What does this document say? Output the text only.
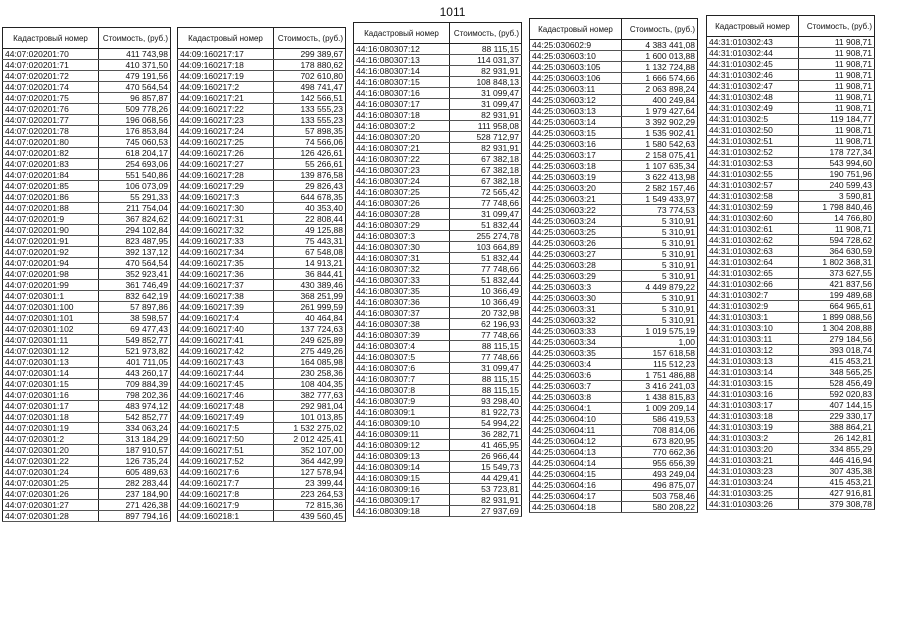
1011
Кадастровый номер	Стоимость, (руб.)
44:07:020201:70	411 743,98
44:07:020201:71	410 371,50
44:07:020201:72	479 191,56
44:07:020201:74	470 564,54
44:07:020201:75	96 857,87
44:07:020201:76	509 778,26
44:07:020201:77	196 068,56
44:07:020201:78	176 853,84
44:07:020201:80	745 060,53
44:07:020201:82	618 204,17
44:07:020201:83	254 693,06
44:07:020201:84	551 540,86
44:07:020201:85	106 073,09
44:07:020201:86	55 291,33
44:07:020201:88	211 754,04
44:07:020201:9	367 824,62
44:07:020201:90	294 102,84
44:07:020201:91	823 487,95
44:07:020201:92	392 137,12
44:07:020201:94	470 564,54
44:07:020201:98	352 923,41
44:07:020201:99	361 746,49
44:07:020301:1	832 642,19
44:07:020301:100	57 897,86
44:07:020301:101	38 598,57
44:07:020301:102	69 477,43
44:07:020301:11	549 852,77
44:07:020301:12	521 973,82
44:07:020301:13	401 711,05
44:07:020301:14	443 260,17
44:07:020301:15	709 884,39
44:07:020301:16	798 202,36
44:07:020301:17	483 974,12
44:07:020301:18	542 852,77
44:07:020301:19	334 063,24
44:07:020301:2	313 184,29
44:07:020301:20	187 910,57
44:07:020301:22	126 735,24
44:07:020301:24	605 489,63
44:07:020301:25	282 283,44
44:07:020301:26	237 184,90
44:07:020301:27	271 426,38
44:07:020301:28	897 794,16
Кадастровый номер	Стоимость, (руб.)
44:09:160217:17	299 389,67
44:09:160217:18	178 880,62
44:09:160217:19	702 610,80
44:09:160217:2	498 741,47
44:09:160217:21	142 566,51
44:09:160217:22	133 555,23
44:09:160217:23	133 555,23
44:09:160217:24	57 898,35
44:09:160217:25	74 566,06
44:09:160217:26	126 426,61
44:09:160217:27	55 266,61
44:09:160217:28	139 876,58
44:09:160217:29	29 826,43
44:09:160217:3	644 678,35
44:09:160217:30	40 353,40
44:09:160217:31	22 808,44
44:09:160217:32	49 125,88
44:09:160217:33	75 443,31
44:09:160217:34	67 548,08
44:09:160217:35	14 913,21
44:09:160217:36	36 844,41
44:09:160217:37	430 389,46
44:09:160217:38	368 251,99
44:09:160217:39	261 999,59
44:09:160217:4	40 464,84
44:09:160217:40	137 724,63
44:09:160217:41	249 625,89
44:09:160217:42	275 449,26
44:09:160217:43	164 085,98
44:09:160217:44	230 258,36
44:09:160217:45	108 404,35
44:09:160217:46	382 777,63
44:09:160217:48	292 981,04
44:09:160217:49	101 013,85
44:09:160217:5	1 532 275,02
44:09:160217:50	2 012 425,41
44:09:160217:51	352 107,00
44:09:160217:52	364 442,99
44:09:160217:6	127 578,94
44:09:160217:7	23 399,44
44:09:160217:8	223 264,53
44:09:160217:9	72 815,36
44:09:160218:1	439 560,45
Кадастровый номер	Стоимость, (руб.)
44:16:080307:12	88 115,15
44:16:080307:13	114 031,37
44:16:080307:14	82 931,91
44:16:080307:15	108 848,13
44:16:080307:16	31 099,47
44:16:080307:17	31 099,47
44:16:080307:18	82 931,91
44:16:080307:2	111 958,08
44:16:080307:20	528 712,97
44:16:080307:21	82 931,91
44:16:080307:22	67 382,18
44:16:080307:23	67 382,18
44:16:080307:24	67 382,18
44:16:080307:25	72 565,42
44:16:080307:26	77 748,66
44:16:080307:28	31 099,47
44:16:080307:29	51 832,44
44:16:080307:3	255 274,78
44:16:080307:30	103 664,89
44:16:080307:31	51 832,44
44:16:080307:32	77 748,66
44:16:080307:33	51 832,44
44:16:080307:35	10 366,49
44:16:080307:36	10 366,49
44:16:080307:37	20 732,98
44:16:080307:38	62 196,93
44:16:080307:39	77 748,66
44:16:080307:4	88 115,15
44:16:080307:5	77 748,66
44:16:080307:6	31 099,47
44:16:080307:7	88 115,15
44:16:080307:8	88 115,15
44:16:080307:9	93 298,40
44:16:080309:1	81 922,73
44:16:080309:10	54 994,22
44:16:080309:11	36 282,71
44:16:080309:12	41 465,95
44:16:080309:13	26 966,44
44:16:080309:14	15 549,73
44:16:080309:15	44 429,41
44:16:080309:16	53 723,81
44:16:080309:17	82 931,91
44:16:080309:18	27 937,69
Кадастровый номер	Стоимость, (руб.)
44:25:030602:9	4 383 441,08
44:25:030603:10	1 600 013,88
44:25:030603:105	1 132 724,88
44:25:030603:106	1 666 574,66
44:25:030603:11	2 063 898,24
44:25:030603:12	400 249,84
44:25:030603:13	1 979 427,64
44:25:030603:14	3 392 902,29
44:25:030603:15	1 535 902,41
44:25:030603:16	1 580 542,63
44:25:030603:17	2 158 075,41
44:25:030603:18	1 107 635,34
44:25:030603:19	3 622 413,98
44:25:030603:20	2 582 157,46
44:25:030603:21	1 549 433,97
44:25:030603:22	73 774,53
44:25:030603:24	5 310,91
44:25:030603:25	5 310,91
44:25:030603:26	5 310,91
44:25:030603:27	5 310,91
44:25:030603:28	5 310,91
44:25:030603:29	5 310,91
44:25:030603:3	4 449 879,22
44:25:030603:30	5 310,91
44:25:030603:31	5 310,91
44:25:030603:32	5 310,91
44:25:030603:33	1 019 575,19
44:25:030603:34	1,00
44:25:030603:35	157 618,58
44:25:030603:4	115 512,23
44:25:030603:6	1 751 486,88
44:25:030603:7	3 416 241,03
44:25:030603:8	1 438 815,83
44:25:030604:1	1 009 209,14
44:25:030604:10	586 419,53
44:25:030604:11	708 814,06
44:25:030604:12	673 820,95
44:25:030604:13	770 662,36
44:25:030604:14	955 656,39
44:25:030604:15	493 249,04
44:25:030604:16	496 875,07
44:25:030604:17	503 758,46
44:25:030604:18	580 208,22
Кадастровый номер	Стоимость, (руб.)
44:31:010302:43	11 908,71
44:31:010302:44	11 908,71
44:31:010302:45	11 908,71
44:31:010302:46	11 908,71
44:31:010302:47	11 908,71
44:31:010302:48	11 908,71
44:31:010302:49	11 908,71
44:31:010302:5	119 184,77
44:31:010302:50	11 908,71
44:31:010302:51	11 908,71
44:31:010302:52	178 727,34
44:31:010302:53	543 994,60
44:31:010302:55	190 751,96
44:31:010302:57	240 599,43
44:31:010302:58	3 590,81
44:31:010302:59	1 798 840,46
44:31:010302:60	14 766,80
44:31:010302:61	11 908,71
44:31:010302:62	594 728,62
44:31:010302:63	364 630,59
44:31:010302:64	1 802 368,31
44:31:010302:65	373 627,55
44:31:010302:66	421 837,56
44:31:010302:7	199 489,68
44:31:010302:9	664 965,61
44:31:010303:1	1 899 088,56
44:31:010303:10	1 304 208,88
44:31:010303:11	279 184,56
44:31:010303:12	393 018,74
44:31:010303:13	415 453,21
44:31:010303:14	348 565,25
44:31:010303:15	528 456,49
44:31:010303:16	592 020,83
44:31:010303:17	407 144,15
44:31:010303:18	229 330,17
44:31:010303:19	388 864,21
44:31:010303:2	26 142,81
44:31:010303:20	334 855,29
44:31:010303:21	446 416,94
44:31:010303:23	307 435,38
44:31:010303:24	415 453,21
44:31:010303:25	427 916,81
44:31:010303:26	379 308,78
